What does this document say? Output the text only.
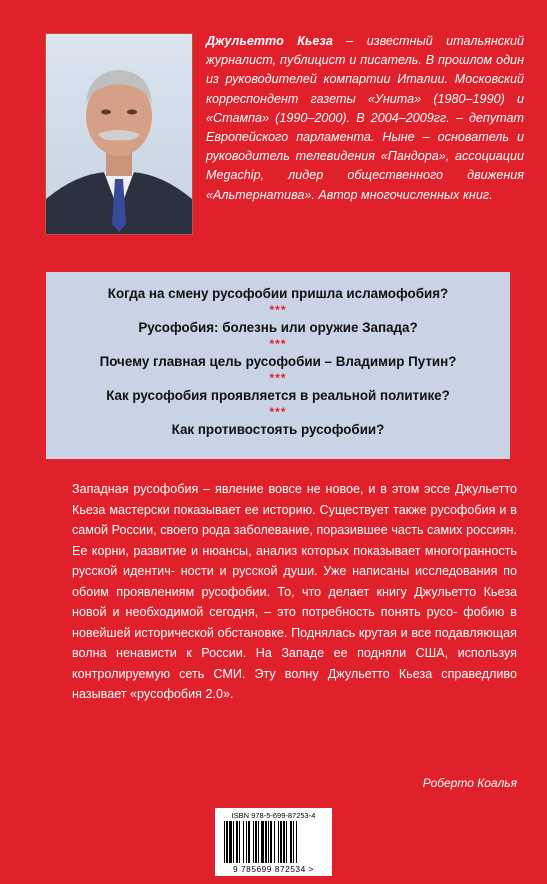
Джульетто Кьеза – известный итальянский журналист, публицист и писатель. В прошлом один из руководителей компартии Италии. Московский корреспондент газеты «Унита» (1980–1990) и «Стампа» (1990–2000). В 2004–2009гг. – депутат Европейского парламента. Ныне – основатель и руководитель телевидения «Пандора», ассоциации Megachip, лидер общественного движения «Альтернатива». Автор многочисленных книг.
Когда на смену русофобии пришла исламофобия?
***
Русофобия: болезнь или оружие Запада?
***
Почему главная цель русофобии – Владимир Путин?
***
Как русофобия проявляется в реальной политике?
***
Как противостоять русофобии?
Западная русофобия – явление вовсе не новое, и в этом эссе Джульетто Кьеза мастерски показывает ее историю. Существует также русофобия и в самой России, своего рода заболевание, поразившее часть самих россиян. Ее корни, развитие и нюансы, анализ которых показывает многогранность русской идентич- ности и русской души. Уже написаны исследования по обоим проявлениям русофобии. То, что делает книгу Джульетто Кьеза новой и необходимой сегодня, – это потребность понять русо- фобию в новейшей исторической обстановке. Поднялась крутая и все подавляющая волна ненависти к России. На Западе ее подняли США, используя контролируемую сеть СМИ. Эту волну Джульетто Кьеза справедливо называет «русофобия 2.0».
Роберто Коалья
ISBN 978-5-699-87253-4
9 785699 872534 >
